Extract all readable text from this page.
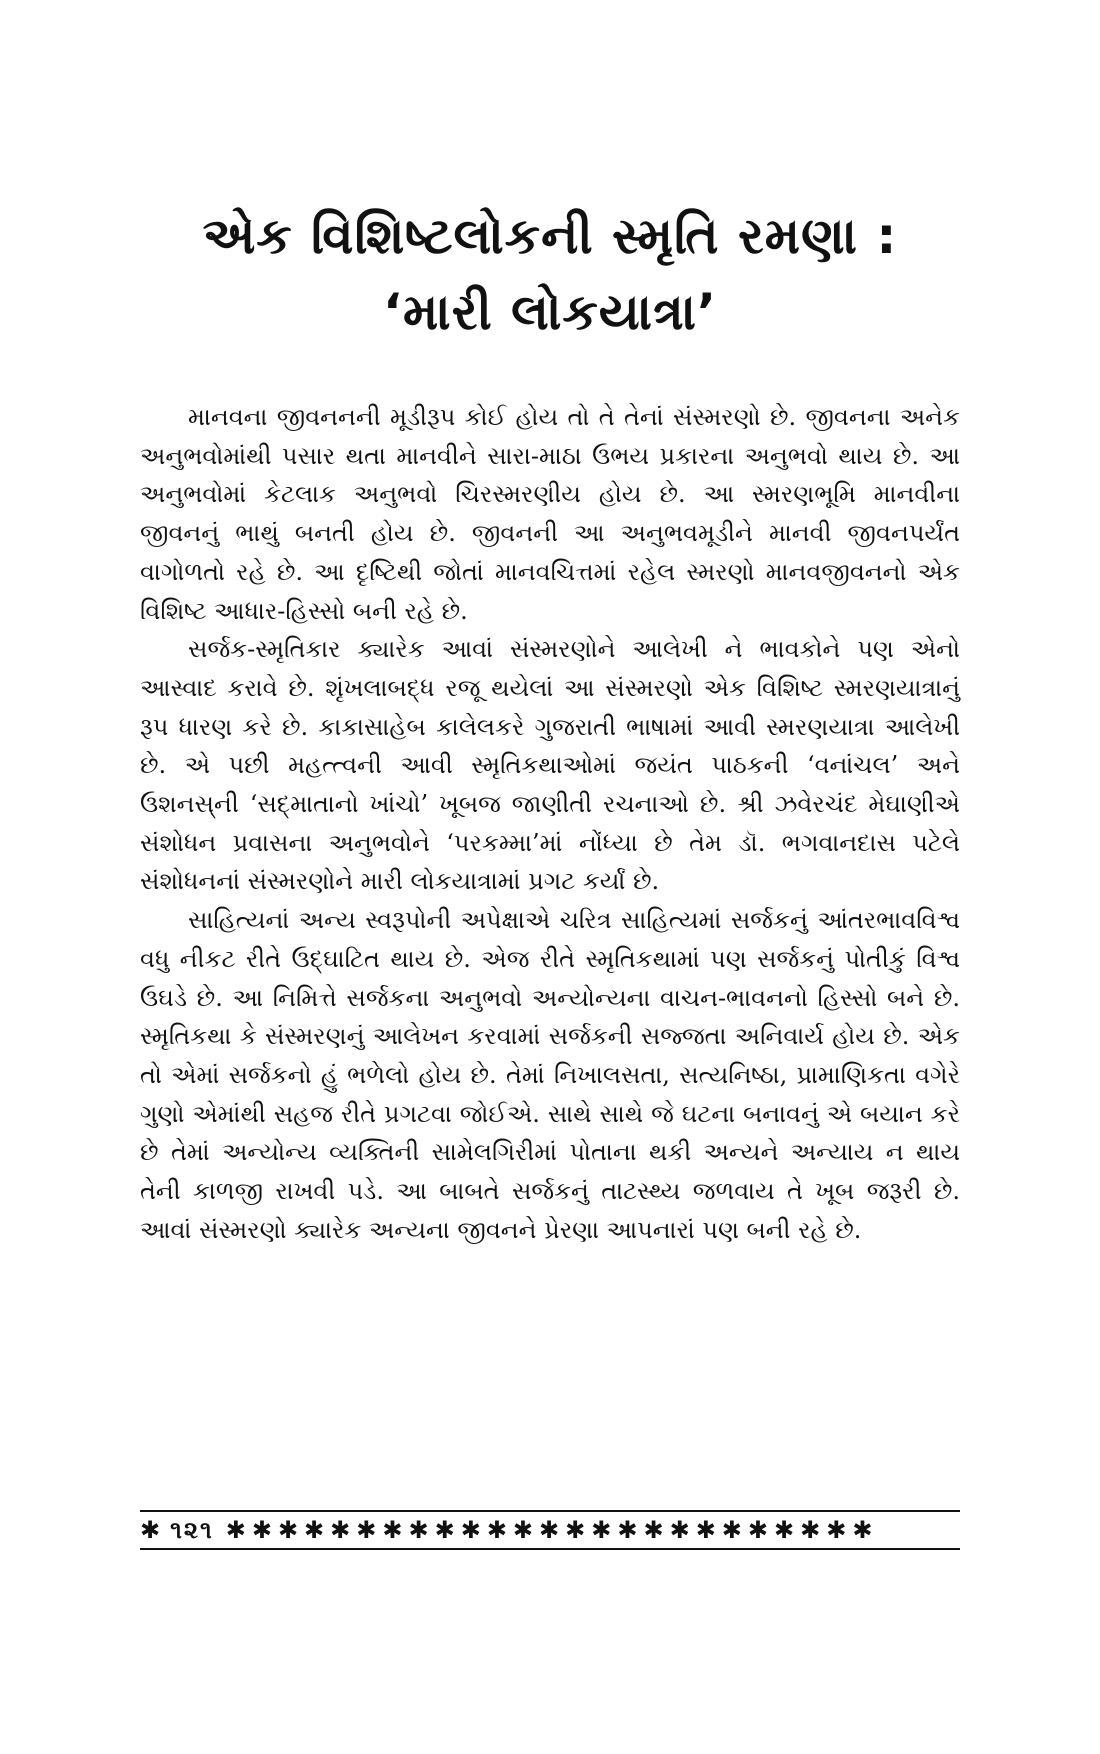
એક વિશિષ્ટલોકની સ્મૃતિ રમણા :
‘મારી લોકયાત્રા’

માનવના જીવનનની મૂડીરૂપ કોઈ હોય તો તે તેનાં સંસ્મરણો છે. જીવનના અનેક અનુભવોમાંથી પસાર થતા માનવીને સારા-માઠા ઉભય પ્રકારના અનુભવો થાય છે. આ અનુભવોમાં કેટલાક અનુભવો ચિરસ્મરણીય હોય છે. આ સ્મરણભૂમિ માનવીના જીવનનું ભાથું બનતી હોય છે. જીવનની આ અનુભવમૂડીને માનવી જીવનપર્યંત વાગોળતો રહે છે. આ દૃષ્ટિથી જોતાં માનવચિત્તમાં રહેલ સ્મરણો માનવજીવનનો એક વિશિષ્ટ આધાર-હિસ્સો બની રહે છે.

સર્જક-સ્મૃતિકાર ક્યારેક આવાં સંસ્મરણોને આલેખી ને ભાવકોને પણ એનો આસ્વાદ કરાવે છે. શૃંખલાબદ્ધ રજૂ થયેલાં આ સંસ્મરણો એક વિશિષ્ટ સ્મરણયાત્રાનું રૂપ ધારણ કરે છે. કાકાસાહેબ કાલેલકરે ગુજરાતી ભાષામાં આવી સ્મરણયાત્રા આલેખી છે. એ પછી મહત્ત્વની આવી સ્મૃતિકથાઓમાં જયંત પાઠકની ‘વનાંચલ’ અને ઉશનસ્‌ની ‘સદ્‌માતાનો ખાંચો’ ખૂબજ જાણીતી રચનાઓ છે. શ્રી ઝવેરચંદ મેઘાણીએ સંશોધન પ્રવાસના અનુભવોને ‘પરકમ્મા’માં નોંધ્યા છે તેમ ડૉ. ભગવાનદાસ પટેલે સંશોધનનાં સંસ્મરણોને મારી લોકયાત્રામાં પ્રગટ કર્યાં છે.

સાહિત્યનાં અન્ય સ્વરૂપોની અપેક્ષાએ ચરિત્ર સાહિત્યમાં સર્જકનું આંતરભાવવિશ્વ વધુ નીકટ રીતે ઉદ્‌ઘાટિત થાય છે. એજ રીતે સ્મૃતિકથામાં પણ સર્જકનું પોતીકું વિશ્વ ઉઘડે છે. આ નિમિત્તે સર્જકના અનુભવો અન્યોન્યના વાચન-ભાવનનો હિસ્સો બને છે. સ્મૃતિકથા કે સંસ્મરણનું આલેખન કરવામાં સર્જકની સજ્જતા અનિવાર્ય હોય છે. એક તો એમાં સર્જકનો હું ભળેલો હોય છે. તેમાં નિખાલસતા, સત્યનિષ્ઠા, પ્રામાણિકતા વગેરે ગુણો એમાંથી સહજ રીતે પ્રગટવા જોઈએ. સાથે સાથે જે ઘટના બનાવનું એ બયાન કરે છે તેમાં અન્યોન્ય વ્યક્તિની સામેલગિરીમાં પોતાના થકી અન્યને અન્યાય ન થાય તેની કાળજી રાખવી પડે. આ બાબતે સર્જકનું તાટસ્થ્ય જળવાય તે ખૂબ જરૂરી છે. આવાં સંસ્મરણો ક્યારેક અન્યના જીવનને પ્રેરણા આપનારાં પણ બની રહે છે.

✱ ૧૨૧ ✱✱✱✱✱✱✱✱✱✱✱✱✱✱✱✱✱✱✱✱✱✱✱✱✱
